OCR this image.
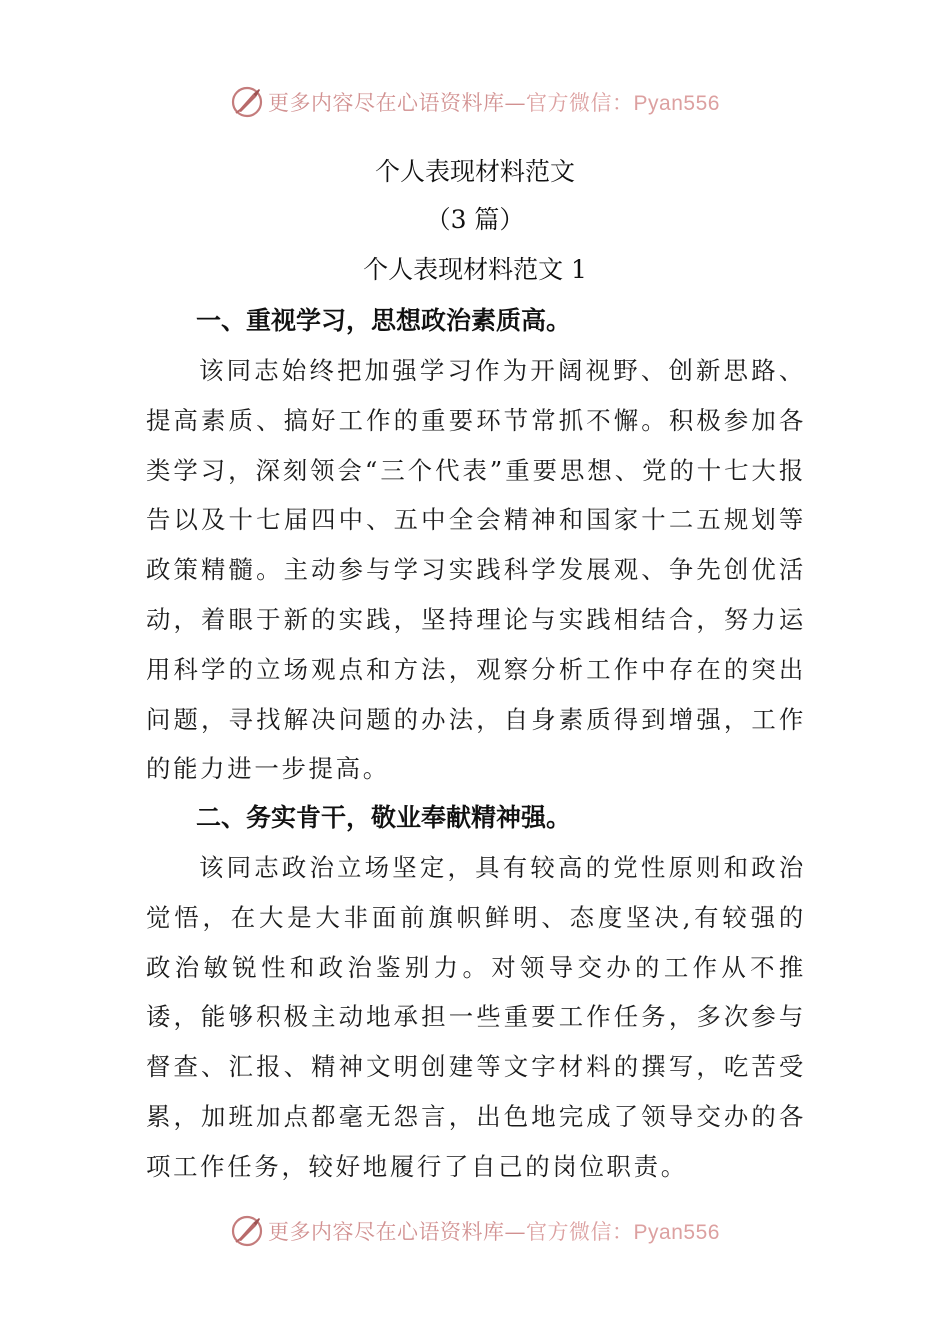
更多内容尽在心语资料库—官方微信：Pyan556
个人表现材料范文
（3 篇）
个人表现材料范文 1
一、重视学习，思想政治素质高。

该同志始终把加强学习作为开阔视野、创新思路、提高素质、搞好工作的重要环节常抓不懈。积极参加各类学习，深刻领会“三个代表”重要思想、党的十七大报告以及十七届四中、五中全会精神和国家十二五规划等政策精髓。主动参与学习实践科学发展观、争先创优活动，着眼于新的实践，坚持理论与实践相结合，努力运用科学的立场观点和方法，观察分析工作中存在的突出问题，寻找解决问题的办法，自身素质得到增强，工作的能力进一步提高。

二、务实肯干，敬业奉献精神强。

该同志政治立场坚定，具有较高的党性原则和政治觉悟，在大是大非面前旗帜鲜明、态度坚决,有较强的政治敏锐性和政治鉴别力。对领导交办的工作从不推诿，能够积极主动地承担一些重要工作任务，多次参与督查、汇报、精神文明创建等文字材料的撰写，吃苦受累，加班加点都毫无怨言，出色地完成了领导交办的各项工作任务，较好地履行了自己的岗位职责。

更多内容尽在心语资料库—官方微信：Pyan556
